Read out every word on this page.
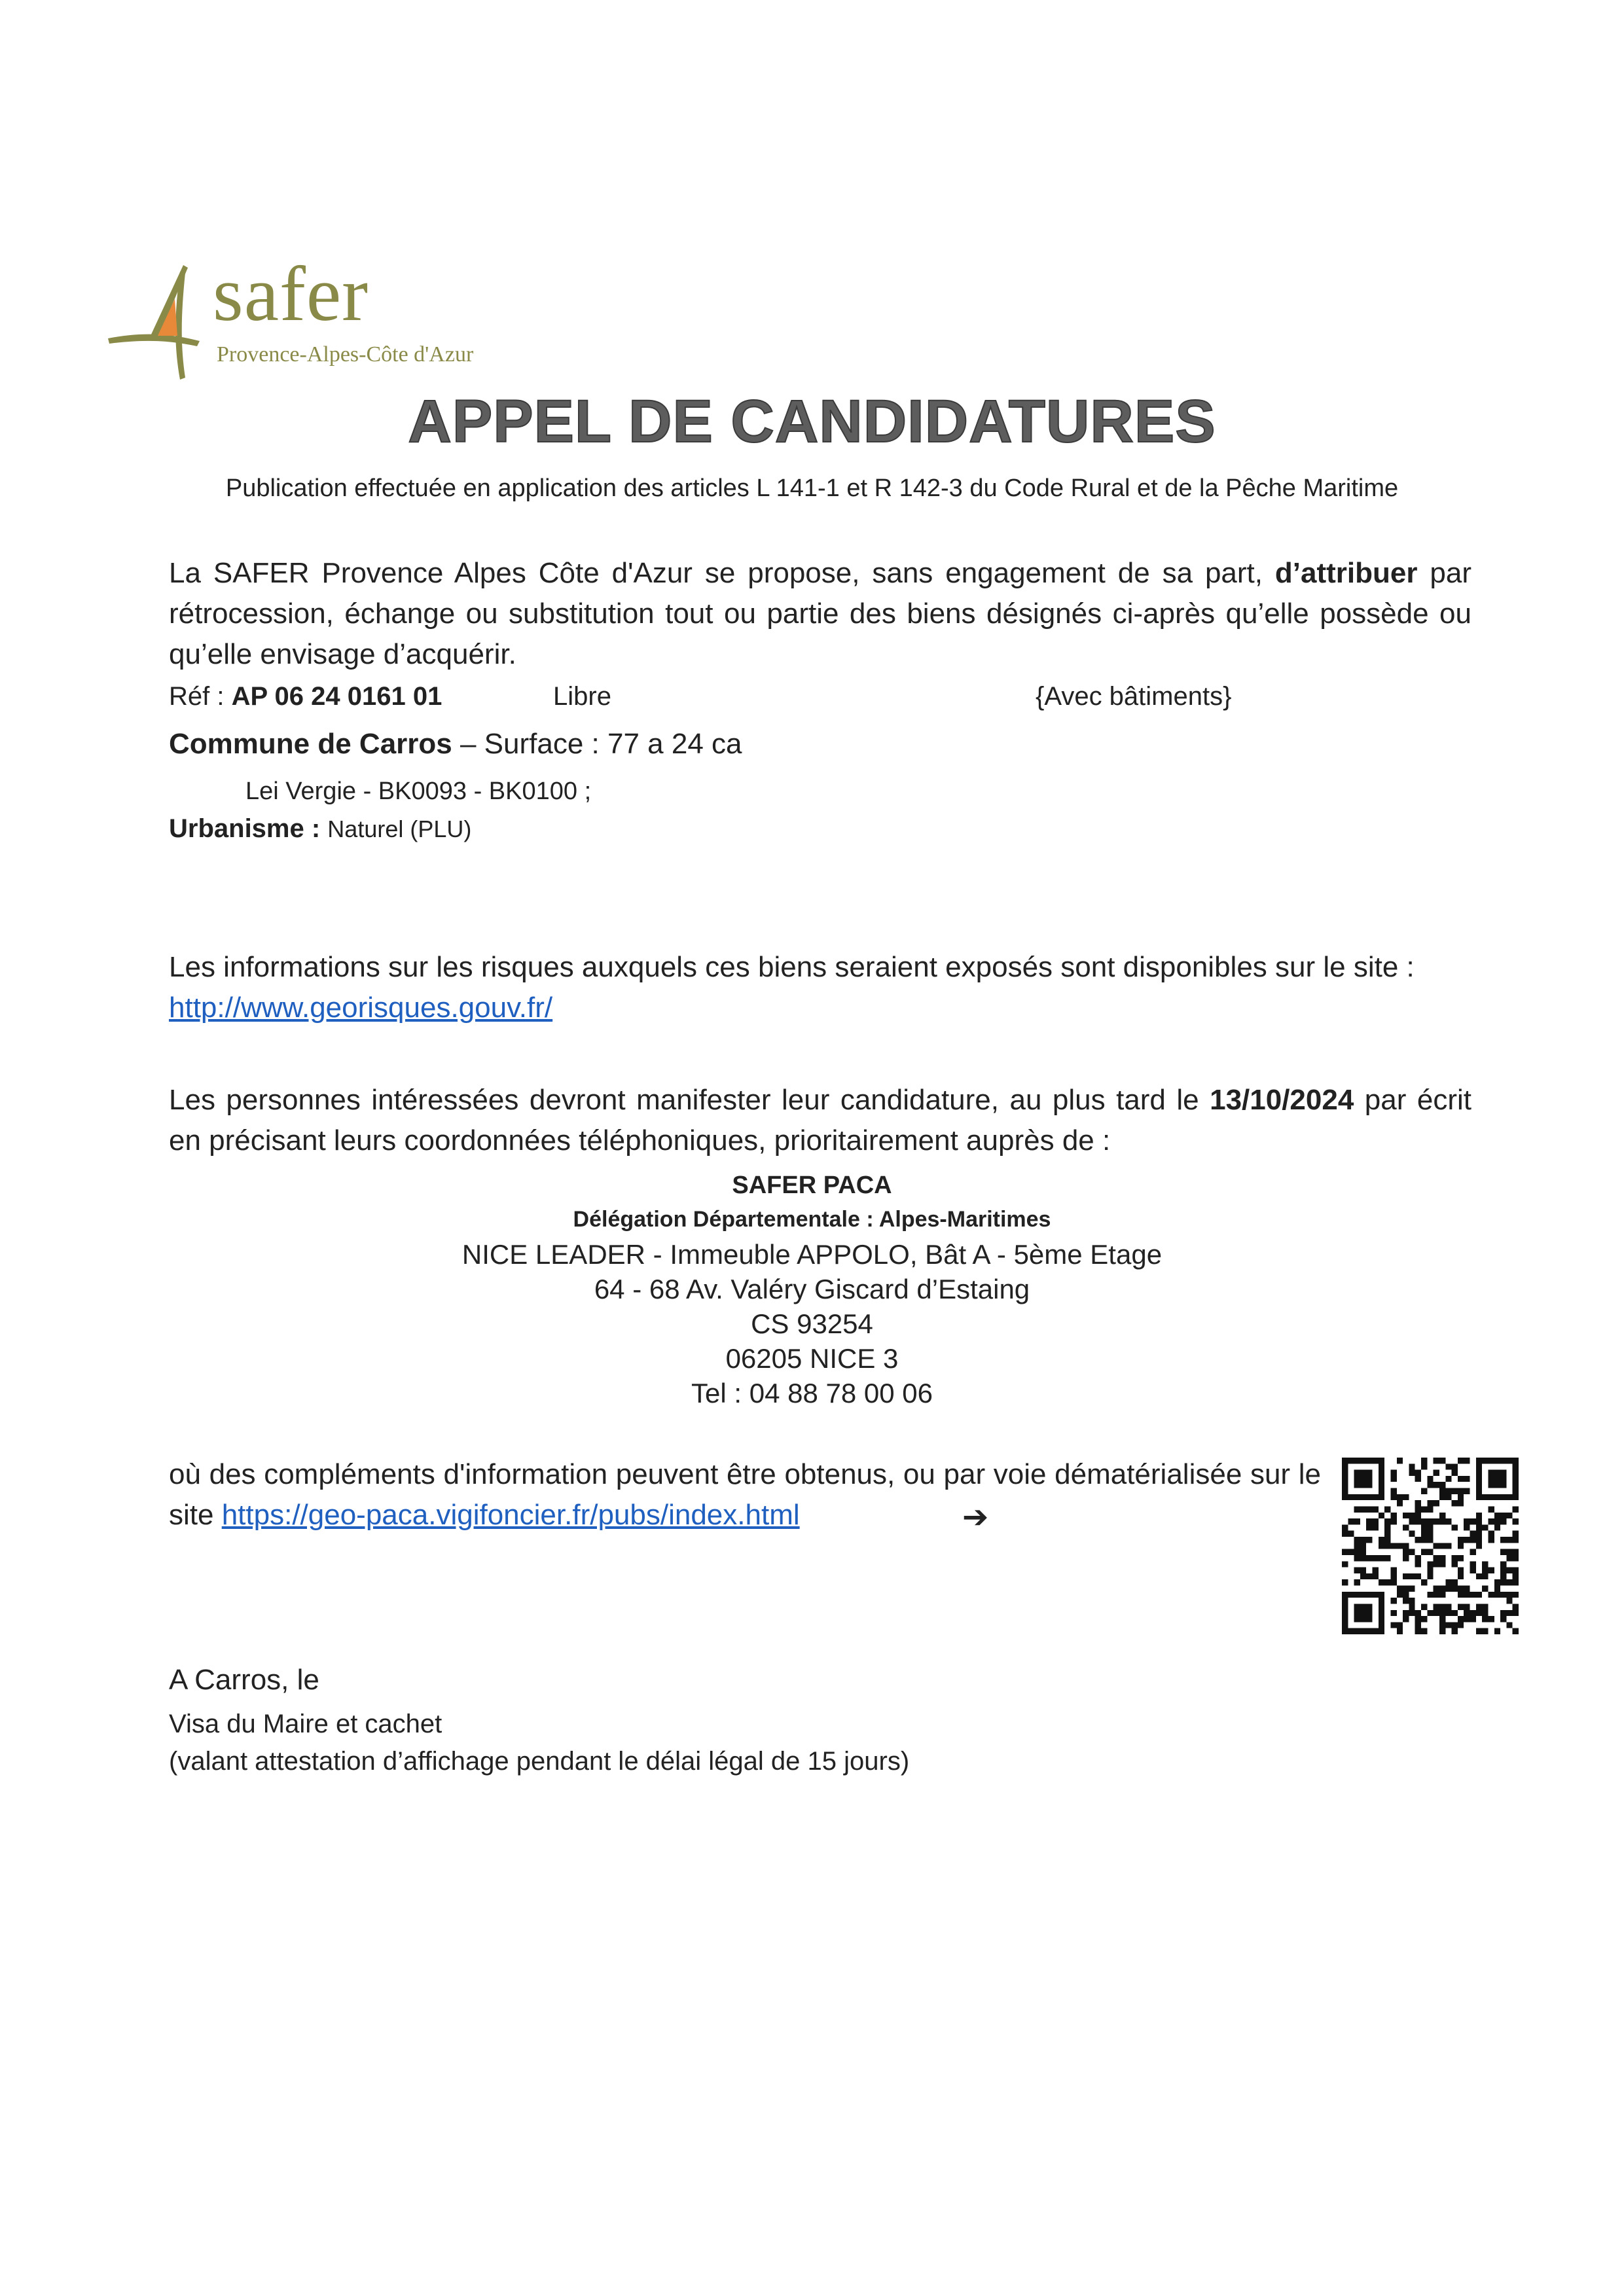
safer

Provence-Alpes-Côte d'Azur

APPEL DE CANDIDATURES

Publication effectuée en application des articles L 141-1 et R 142-3 du Code Rural et de la Pêche Maritime

La SAFER Provence Alpes Côte d'Azur se propose, sans engagement de sa part, d’attribuer par rétrocession, échange ou substitution tout ou partie des biens désignés ci-après qu’elle possède ou qu’elle envisage d’acquérir.

Réf : AP 06 24 0161 01	Libre	{Avec bâtiments}

Commune de Carros – Surface : 77 a 24 ca

Lei Vergie - BK0093 - BK0100 ;

Urbanisme : Naturel (PLU)

Les informations sur les risques auxquels ces biens seraient exposés sont disponibles sur le site :
http://www.georisques.gouv.fr/

Les personnes intéressées devront manifester leur candidature, au plus tard le 13/10/2024 par écrit en précisant leurs coordonnées téléphoniques, prioritairement auprès de :

SAFER PACA

Délégation Départementale : Alpes-Maritimes

NICE LEADER - Immeuble APPOLO, Bât A - 5ème Etage
64 - 68 Av. Valéry Giscard d’Estaing
CS 93254
06205 NICE 3
Tel : 04 88 78 00 06

où des compléments d'information peuvent être obtenus, ou par voie dématérialisée sur le site https://geo-paca.vigifoncier.fr/pubs/index.html	➔

A Carros, le

Visa du Maire et cachet

(valant attestation d’affichage pendant le délai légal de 15 jours)
